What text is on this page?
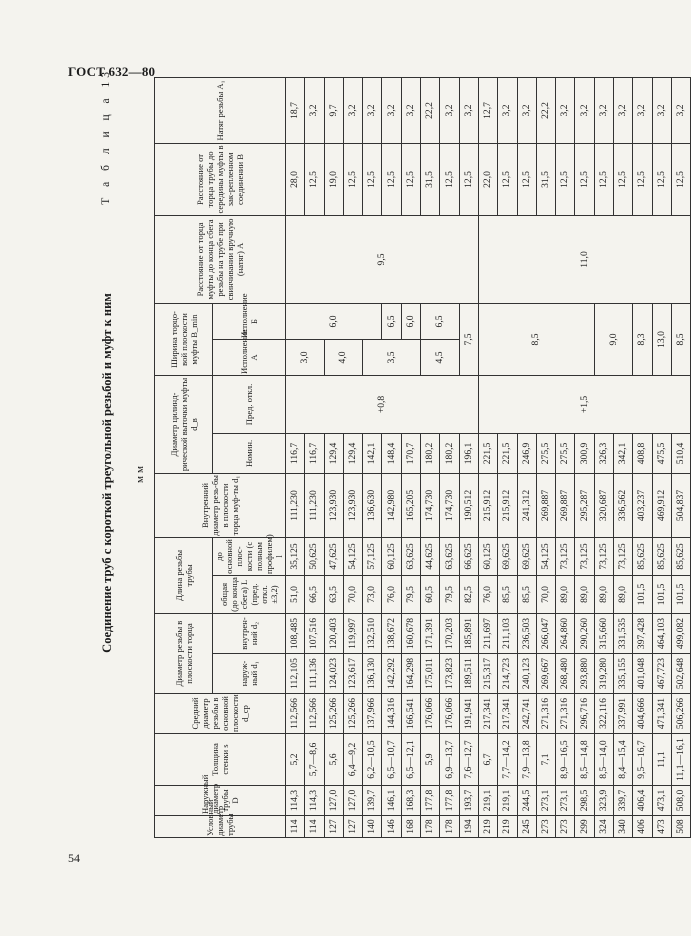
ГОСТ 632—80
54
Соединение труб с короткой треугольной резьбой и муфт к ним
Т а б л и ц а 13
мм
Условный диаметр трубы	Наружный диаметр трубы D	Толщина стенки s	Средний диаметр резьбы в основной плоскости d_ср	Диаметр резьбы в плоскости торца		Длина резьбы трубы		Внутренний диаметр резь-бы в плоскости торца муф-ты d₁	Диаметр цилинд-рической выточки муфты d_в		Ширина торцо-вой плоскости муфты B_min		Расстояние от торца муфты до конца сбега резьбы на трубе при свинчивании вручную (натяг) A	Расстояние от торца трубы до середины муфты в зак-репленном соединении B	Натяг резьбы A₁
				наруж-ный d₁	внутрен-ний d₂	общая (до конца сбега) L (пред. откл. ±3,2)	до основной плос-кости (с полным профилем) l		Номин.	Пред. откл.	Исполнение А	Исполнение Б			
114	114,3	5,2	112,566	112,105	108,485	51,0	35,125	111,230	116,7	+0,8	3,0	6,0	9,5	28,0	18,7
114	114,3	5,7—8,6	112,566	111,136	107,516	66,5	50,625	111,230	116,7					12,5	3,2
127	127,0	5,6	125,266	124,023	120,403	63,5	47,625	123,930	129,4		4,0			19,0	9,7
127	127,0	6,4—9,2	125,266	123,617	119,997	70,0	54,125	123,930	129,4					12,5	3,2
140	139,7	6,2—10,5	137,966	136,130	132,510	73,0	57,125	136,630	142,1		3,5			12,5	3,2
146	146,1	6,5—10,7	144,316	142,292	138,672	76,0	60,125	142,980	148,4			6,5		12,5	3,2
168	168,3	6,5—12,1	166,541	164,298	160,678	79,5	63,625	165,205	170,7			6,0		12,5	3,2
178	177,8	5,9	176,066	175,011	171,391	60,5	44,625	174,730	180,2		4,5	6,5		31,5	22,2
178	177,8	6,9—13,7	176,066	173,823	170,203	79,5	63,625	174,730	180,2					12,5	3,2
194	193,7	7,6—12,7	191,941	189,511	185,891	82,5	66,625	190,512	196,1		7,5			12,5	3,2
219	219,1	6,7	217,341	215,317	211,697	76,0	60,125	215,912	221,5	+1,5	8,5		11,0	22,0	12,7
219	219,1	7,7—14,2	217,341	214,723	211,103	85,5	69,625	215,912	221,5					12,5	3,2
245	244,5	7,9—13,8	242,741	240,123	236,503	85,5	69,625	241,312	246,9					12,5	3,2
273	273,1	7,1	271,316	269,667	266,047	70,0	54,125	269,887	275,5					31,5	22,2
273	273,1	8,9—16,5	271,316	268,480	264,860	89,0	73,125	269,887	275,5					12,5	3,2
299	298,5	8,5—14,8	296,716	293,880	290,260	89,0	73,125	295,287	300,9					12,5	3,2
324	323,9	8,5—14,0	322,116	319,280	315,660	89,0	73,125	320,687	326,3		9,0			12,5	3,2
340	339,7	8,4—15,4	337,991	335,155	331,535	89,0	73,125	336,562	342,1					12,5	3,2
406	406,4	9,5—16,7	404,666	401,048	397,428	101,5	85,625	403,237	408,8		8,3			12,5	3,2
473	473,1	11,1	471,341	467,723	464,103	101,5	85,625	469,912	475,5		13,0			12,5	3,2
508	508,0	11,1—16,1	506,266	502,648	499,082	101,5	85,625	504,837	510,4		8,5			12,5	3,2
